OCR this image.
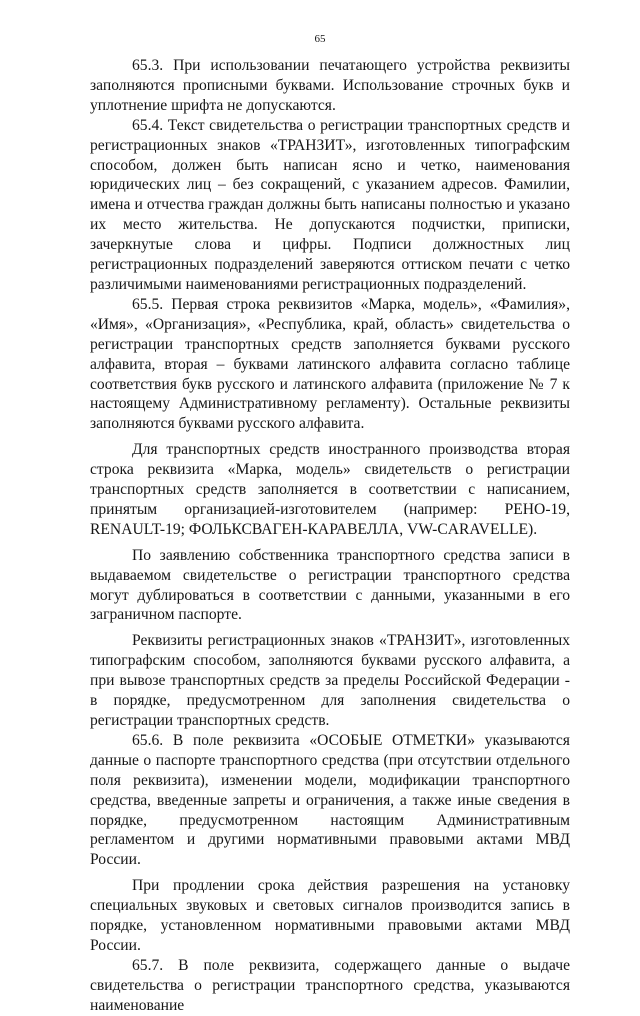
65

65.3. При использовании печатающего устройства реквизиты заполняются прописными буквами. Использование строчных букв и уплотнение шрифта не допускаются.

65.4. Текст свидетельства о регистрации транспортных средств и регистрационных знаков «ТРАНЗИТ», изготовленных типографским способом, должен быть написан ясно и четко, наименования юридических лиц – без сокращений, с указанием адресов. Фамилии, имена и отчества граждан должны быть написаны полностью и указано их место жительства. Не допускаются подчистки, приписки, зачеркнутые слова и цифры. Подписи должностных лиц регистрационных подразделений заверяются оттиском печати с четко различимыми наименованиями регистрационных подразделений.

65.5. Первая строка реквизитов «Марка, модель», «Фамилия», «Имя», «Организация», «Республика, край, область» свидетельства о регистрации транспортных средств заполняется буквами русского алфавита, вторая – буквами латинского алфавита согласно таблице соответствия букв русского и латинского алфавита (приложение № 7 к настоящему Административному регламенту). Остальные реквизиты заполняются буквами русского алфавита.

Для транспортных средств иностранного производства вторая строка реквизита «Марка, модель» свидетельств о регистрации транспортных средств заполняется в соответствии с написанием, принятым организацией-изготовителем (например: РЕНО-19, RENAULT-19; ФОЛЬКСВАГЕН-КАРАВЕЛЛА, VW-CARAVELLE).

По заявлению собственника транспортного средства записи в выдаваемом свидетельстве о регистрации транспортного средства могут дублироваться в соответствии с данными, указанными в его заграничном паспорте.

Реквизиты регистрационных знаков «ТРАНЗИТ», изготовленных типографским способом, заполняются буквами русского алфавита, а при вывозе транспортных средств за пределы Российской Федерации - в порядке, предусмотренном для заполнения свидетельства о регистрации транспортных средств.

65.6. В поле реквизита «ОСОБЫЕ ОТМЕТКИ» указываются данные о паспорте транспортного средства (при отсутствии отдельного поля реквизита), изменении модели, модификации транспортного средства, введенные запреты и ограничения, а также иные сведения в порядке, предусмотренном настоящим Административным регламентом и другими нормативными правовыми актами МВД России.

При продлении срока действия разрешения на установку специальных звуковых и световых сигналов производится запись в порядке, установленном нормативными правовыми актами МВД России.

65.7. В поле реквизита, содержащего данные о выдаче свидетельства о регистрации транспортного средства, указываются наименование
